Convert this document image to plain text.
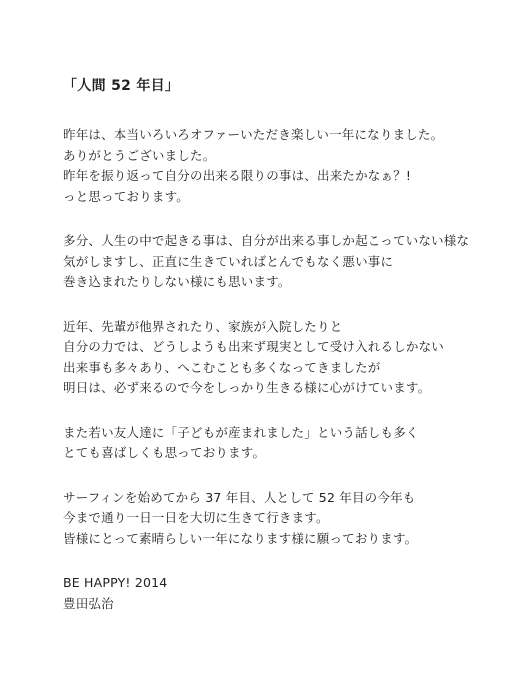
「人間 52 年目」
昨年は、本当いろいろオファーいただき楽しい一年になりました。
ありがとうございました。
昨年を振り返って自分の出来る限りの事は、出来たかなぁ？!
っと思っております。
多分、人生の中で起きる事は、自分が出来る事しか起こっていない様な
気がしますし、正直に生きていればとんでもなく悪い事に
巻き込まれたりしない様にも思います。
近年、先輩が他界されたり、家族が入院したりと
自分の力では、どうしようも出来ず現実として受け入れるしかない
出来事も多々あり、へこむことも多くなってきましたが
明日は、必ず来るので今をしっかり生きる様に心がけています。
また若い友人達に「子どもが産まれました」という話しも多く
とても喜ばしくも思っております。
サーフィンを始めてから 37 年目、人として 52 年目の今年も
今まで通り一日一日を大切に生きて行きます。
皆様にとって素晴らしい一年になります様に願っております。
BE HAPPY! 2014
豊田弘治
